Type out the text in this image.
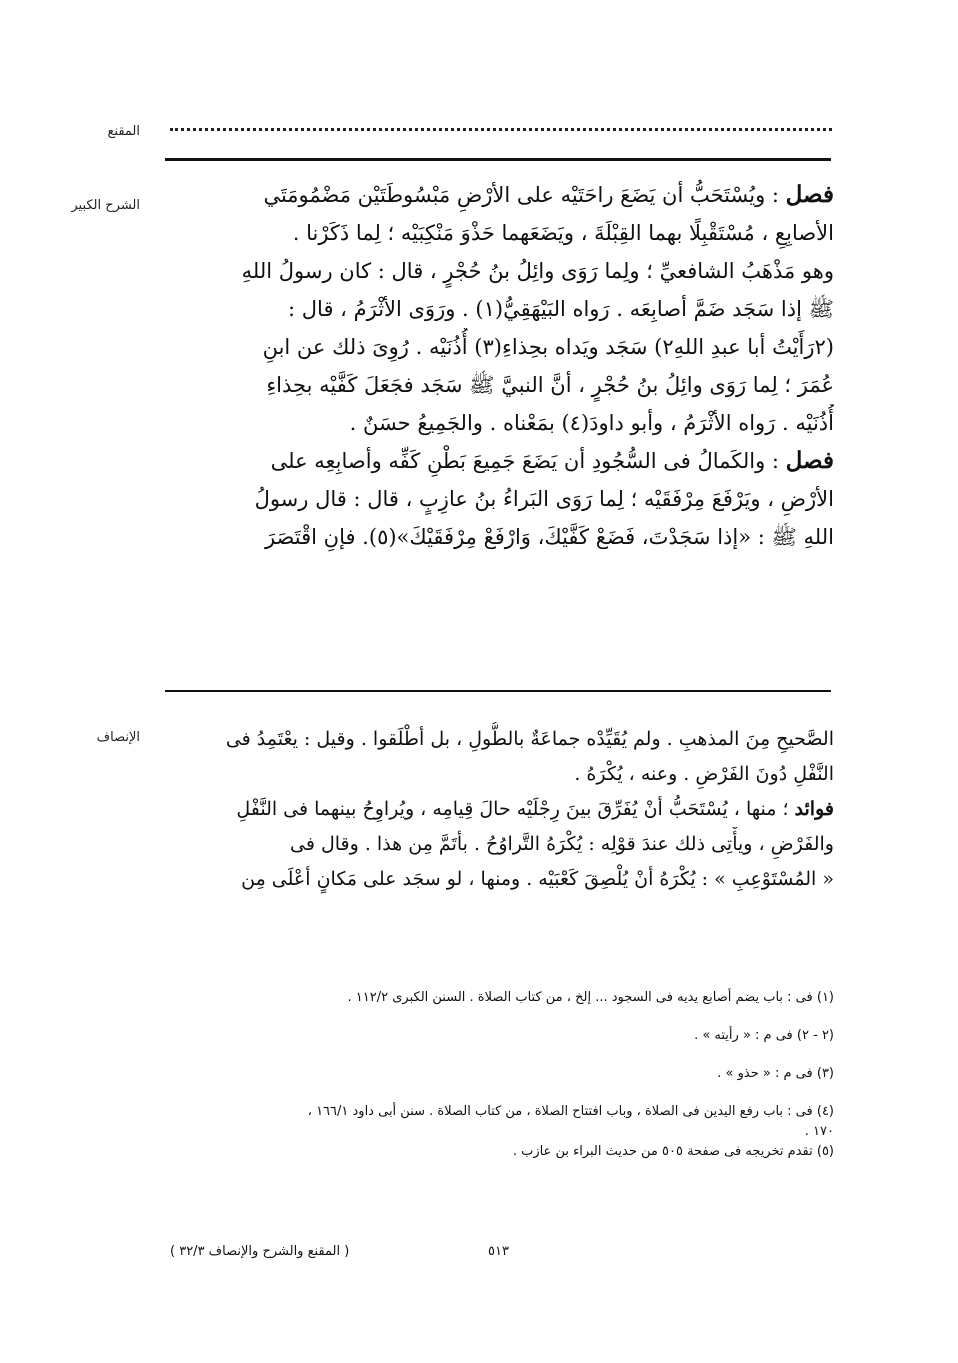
المقنع
الشرح الكبير	فصل : ويُسْتَحَبُّ أن يَضَعَ راحَتَيْه على الأرْضِ مَبْسُوطَتَيْن مَضْمُومَتَي
الأصابِعِ ، مُسْتَقْبِلًا بهما القِبْلَةَ ، ويَضَعَهما حَذْوَ مَنْكِبَيْه ؛ لِما ذَكَرْنا .
وهو مَذْهَبُ الشافعيِّ ؛ ولِما رَوَى وائِلُ بنُ حُجْرٍ ، قال : كان رسولُ اللهِ
ﷺ إذا سَجَد ضَمَّ أصابِعَه . رَواه البَيْهَقِيُّ(١) . ورَوَى الأثْرَمُ ، قال :
(٢رَأَيْتُ أبا عبدِ اللهِ٢) سَجَد ويَداه بحِذاءِ(٣) أُذُنَيْه . رُوِىَ ذلك عن ابنِ
عُمَرَ ؛ لِما رَوَى وائِلُ بنُ حُجْرٍ ، أنَّ النبيَّ ﷺ سَجَد فجَعَلَ كَفَّيْه بحِذاءِ
أُذُنَيْه . رَواه الأثْرَمُ ، وأبو داودَ(٤) بمَعْناه . والجَمِيعُ حسَنٌ .
فصل : والكَمالُ فى السُّجُودِ أن يَضَعَ جَمِيعَ بَطْنِ كَفِّه وأصابِعِه على
الأرْضِ ، ويَرْفَعَ مِرْفَقَيْه ؛ لِما رَوَى البَراءُ بنُ عازِبٍ ، قال : قال رسولُ
اللهِ ﷺ : «إذا سَجَدْتَ، فَضَعْ كَفَّيْكَ، وَارْفَعْ مِرْفَقَيْكَ»(٥). فإنِ اقْتَصَرَ
الإنصاف	الصَّحيحِ مِنَ المذهبِ . ولم يُقَيِّدْه جماعَةٌ بالطُّولِ ، بل أطْلَقوا . وقيل : يعْتَمِدُ فى
النَّفْلِ دُونَ الفَرْضِ . وعنه ، يُكْرَهُ .
فوائد ؛ منها ، يُسْتَحَبُّ أنْ يُفَرِّقَ بينَ رِجْلَيْه حالَ قِيامِه ، ويُراوِحُ بينهما فى النَّفْلِ
والفَرْضِ ، ويأْتِى ذلك عندَ قوْلِه : يُكْرَهُ التَّراوُحُ . بأتَمَّ مِن هذا . وقال فى
« المُسْتَوْعِبِ » : يُكْرَهُ أنْ يُلْصِقَ كَعْبَيْه . ومنها ، لو سجَد على مَكانٍ أعْلَى مِن
(١) فى : باب يضم أصابع يديه فى السجود ... إلخ ، من كتاب الصلاة . السنن الكبرى ١١٢/٢ .
(٢ - ٢) فى م : « رأيته » .
(٣) فى م : « حذو » .
(٤) فى : باب رفع اليدين فى الصلاة ، وباب افتتاح الصلاة ، من كتاب الصلاة . سنن أبى داود ١٦٦/١ ،
١٧٠ .
(٥) تقدم تخريجه فى صفحة ٥٠٥ من حديث البراء بن عازب .
( المقنع والشرح والإنصاف ٣٢/٣ )	٥١٣
